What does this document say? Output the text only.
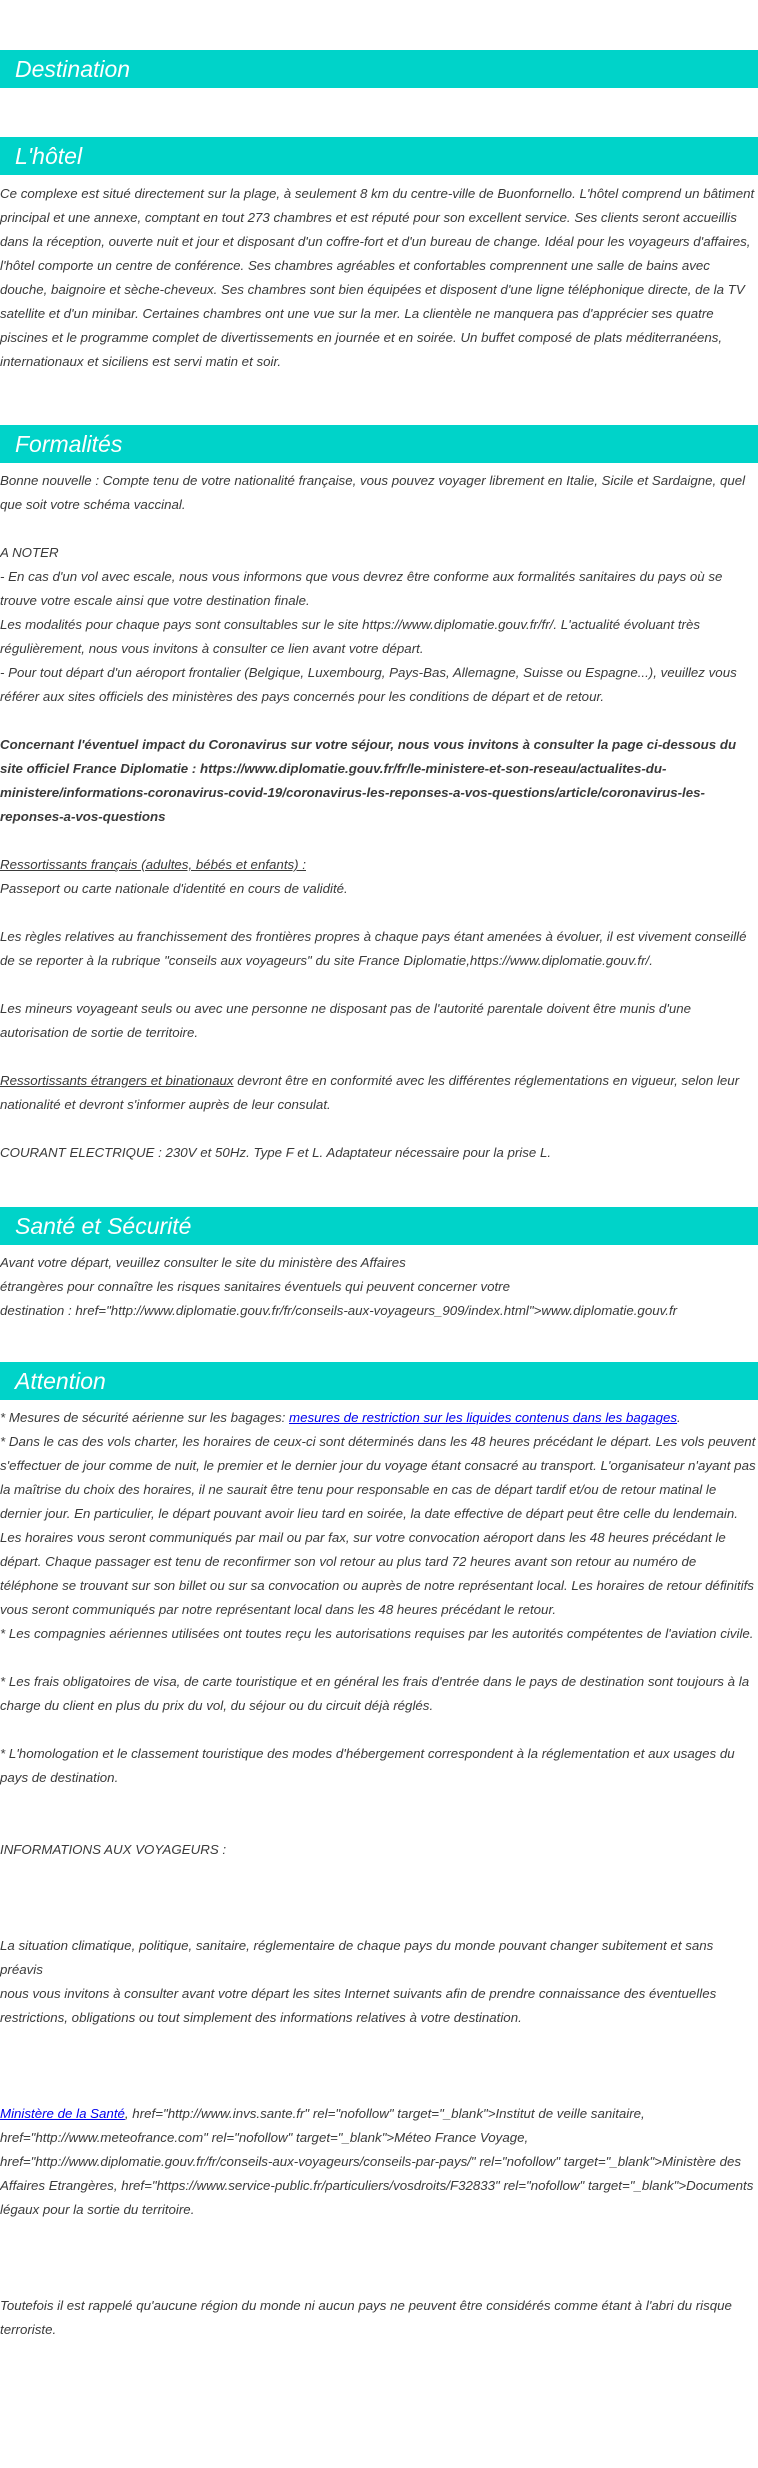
Destination
L'hôtel

Ce complexe est situé directement sur la plage, à seulement 8 km du centre-ville de Buonfornello. L'hôtel comprend un bâtiment principal et une annexe, comptant en tout 273 chambres et est réputé pour son excellent service. Ses clients seront accueillis dans la réception, ouverte nuit et jour et disposant d'un coffre-fort et d'un bureau de change. Idéal pour les voyageurs d'affaires, l'hôtel comporte un centre de conférence. Ses chambres agréables et confortables comprennent une salle de bains avec douche, baignoire et sèche-cheveux. Ses chambres sont bien équipées et disposent d'une ligne téléphonique directe, de la TV satellite et d'un minibar. Certaines chambres ont une vue sur la mer. La clientèle ne manquera pas d'apprécier ses quatre piscines et le programme complet de divertissements en journée et en soirée. Un buffet composé de plats méditerranéens, internationaux et siciliens est servi matin et soir.

Formalités

Bonne nouvelle : Compte tenu de votre nationalité française, vous pouvez voyager librement en Italie, Sicile et Sardaigne, quel que soit votre schéma vaccinal.

A NOTER

- En cas d'un vol avec escale, nous vous informons que vous devrez être conforme aux formalités sanitaires du pays où se trouve votre escale ainsi que votre destination finale.

Les modalités pour chaque pays sont consultables sur le site https://www.diplomatie.gouv.fr/fr/. L'actualité évoluant très régulièrement, nous vous invitons à consulter ce lien avant votre départ.

- Pour tout départ d'un aéroport frontalier (Belgique, Luxembourg, Pays-Bas, Allemagne, Suisse ou Espagne...), veuillez vous référer aux sites officiels des ministères des pays concernés pour les conditions de départ et de retour.

Concernant l'éventuel impact du Coronavirus sur votre séjour, nous vous invitons à consulter la page ci-dessous du site officiel France Diplomatie : https://www.diplomatie.gouv.fr/fr/le-ministere-et-son-reseau/actualites-du-ministere/informations-coronavirus-covid-19/coronavirus-les-reponses-a-vos-questions/article/coronavirus-les-reponses-a-vos-questions

Ressortissants français (adultes, bébés et enfants) :

Passeport ou carte nationale d'identité en cours de validité.

Les règles relatives au franchissement des frontières propres à chaque pays étant amenées à évoluer, il est vivement conseillé de se reporter à la rubrique "conseils aux voyageurs" du site France Diplomatie,https://www.diplomatie.gouv.fr/.

Les mineurs voyageant seuls ou avec une personne ne disposant pas de l'autorité parentale doivent être munis d'une autorisation de sortie de territoire.

Ressortissants étrangers et binationaux devront être en conformité avec les différentes réglementations en vigueur, selon leur nationalité et devront s'informer auprès de leur consulat.

COURANT ELECTRIQUE : 230V et 50Hz. Type F et L. Adaptateur nécessaire pour la prise L.

Santé et Sécurité

Avant votre départ, veuillez consulter le site du ministère des Affaires

étrangères pour connaître les risques sanitaires éventuels qui peuvent concerner votre

destination : href="http://www.diplomatie.gouv.fr/fr/conseils-aux-voyageurs_909/index.html">www.diplomatie.gouv.fr

Attention

* Mesures de sécurité aérienne sur les bagages: mesures de restriction sur les liquides contenus dans les bagages.

* Dans le cas des vols charter, les horaires de ceux-ci sont déterminés dans les 48 heures précédant le départ. Les vols peuvent s'effectuer de jour comme de nuit, le premier et le dernier jour du voyage étant consacré au transport. L'organisateur n'ayant pas la maîtrise du choix des horaires, il ne saurait être tenu pour responsable en cas de départ tardif et/ou de retour matinal le dernier jour. En particulier, le départ pouvant avoir lieu tard en soirée, la date effective de départ peut être celle du lendemain. Les horaires vous seront communiqués par mail ou par fax, sur votre convocation aéroport dans les 48 heures précédant le départ. Chaque passager est tenu de reconfirmer son vol retour au plus tard 72 heures avant son retour au numéro de téléphone se trouvant sur son billet ou sur sa convocation ou auprès de notre représentant local. Les horaires de retour définitifs vous seront communiqués par notre représentant local dans les 48 heures précédant le retour.

* Les compagnies aériennes utilisées ont toutes reçu les autorisations requises par les autorités compétentes de l'aviation civile.

* Les frais obligatoires de visa, de carte touristique et en général les frais d'entrée dans le pays de destination sont toujours à la charge du client en plus du prix du vol, du séjour ou du circuit déjà réglés.

* L'homologation et le classement touristique des modes d'hébergement correspondent à la réglementation et aux usages du pays de destination.

INFORMATIONS AUX VOYAGEURS :

La situation climatique, politique, sanitaire, réglementaire de chaque pays du monde pouvant changer subitement et sans préavis

nous vous invitons à consulter avant votre départ les sites Internet suivants afin de prendre connaissance des éventuelles restrictions, obligations ou tout simplement des informations relatives à votre destination.

Ministère de la Santé, href="http://www.invs.sante.fr" rel="nofollow" target="_blank">Institut de veille sanitaire, href="http://www.meteofrance.com" rel="nofollow" target="_blank">Méteo France Voyage, href="http://www.diplomatie.gouv.fr/fr/conseils-aux-voyageurs/conseils-par-pays/" rel="nofollow" target="_blank">Ministère des Affaires Etrangères, href="https://www.service-public.fr/particuliers/vosdroits/F32833" rel="nofollow" target="_blank">Documents légaux pour la sortie du territoire.

Toutefois il est rappelé qu'aucune région du monde ni aucun pays ne peuvent être considérés comme étant à l'abri du risque terroriste.
